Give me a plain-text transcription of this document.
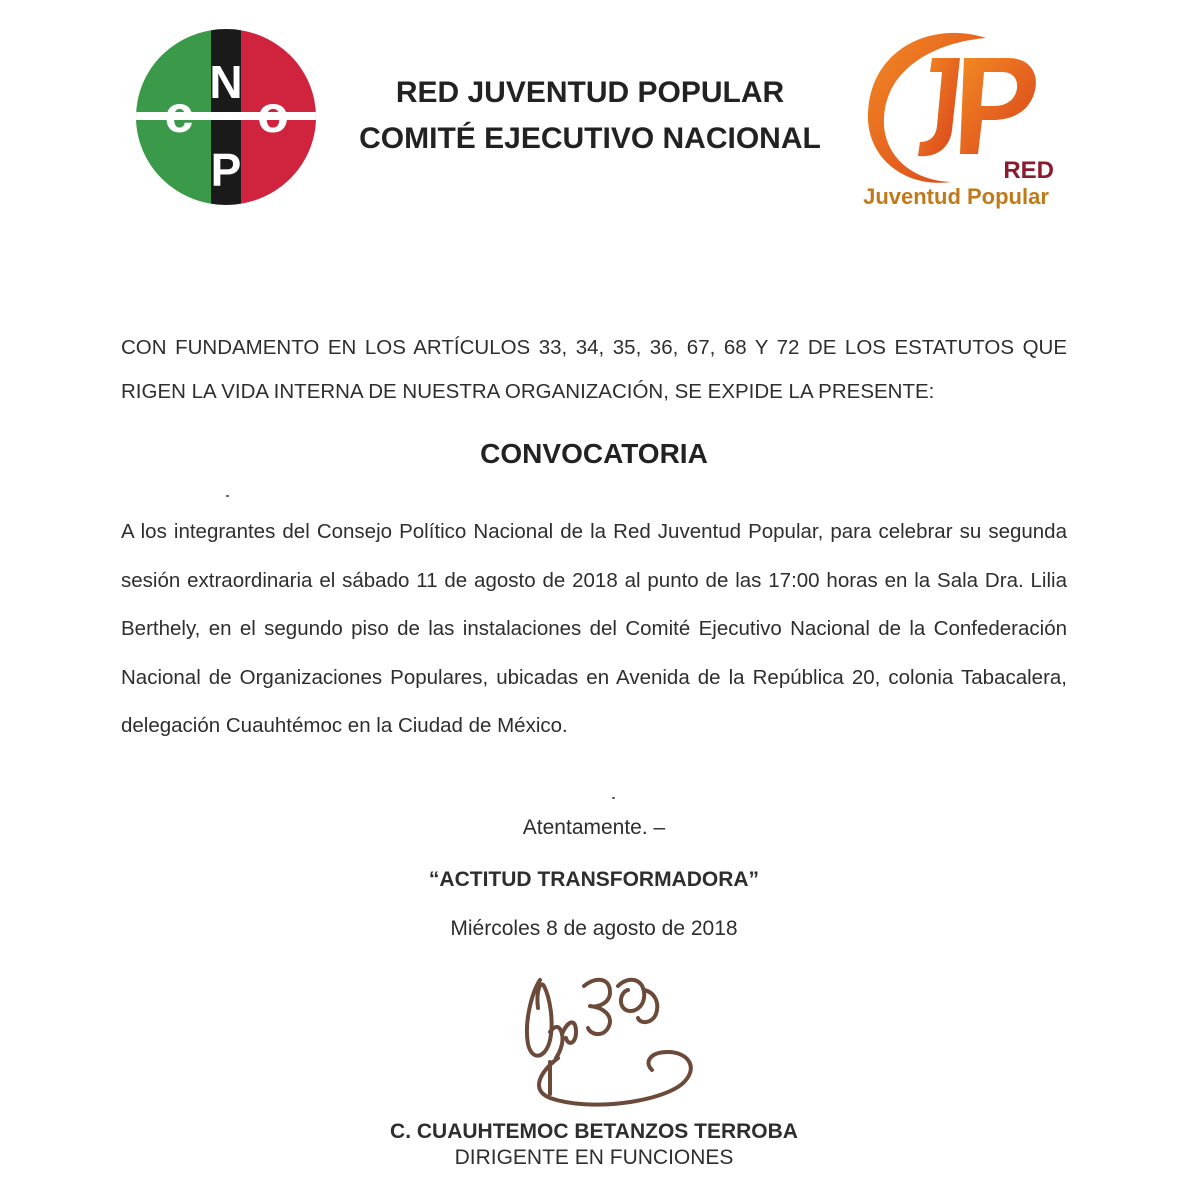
c
N
o
P
RED JUVENTUD POPULAR
COMITÉ EJECUTIVO NACIONAL
RED
Juventud Popular
CON FUNDAMENTO EN LOS ARTÍCULOS 33, 34, 35, 36, 67, 68 Y 72 DE LOS ESTATUTOS QUE RIGEN LA VIDA INTERNA DE NUESTRA ORGANIZACIÓN, SE EXPIDE LA PRESENTE:
CONVOCATORIA
A los integrantes del Consejo Político Nacional de la Red Juventud Popular, para celebrar su segunda sesión extraordinaria el sábado 11 de agosto de 2018 al punto de las 17:00 horas en la Sala Dra. Lilia Berthely, en el segundo piso de las instalaciones del Comité Ejecutivo Nacional de la Confederación Nacional de Organizaciones Populares, ubicadas en Avenida de la República 20, colonia Tabacalera, delegación Cuauhtémoc en la Ciudad de México.
Atentamente. –
“ACTITUD TRANSFORMADORA”
Miércoles 8 de agosto de 2018
C. CUAUHTEMOC BETANZOS TERROBA
DIRIGENTE EN FUNCIONES
